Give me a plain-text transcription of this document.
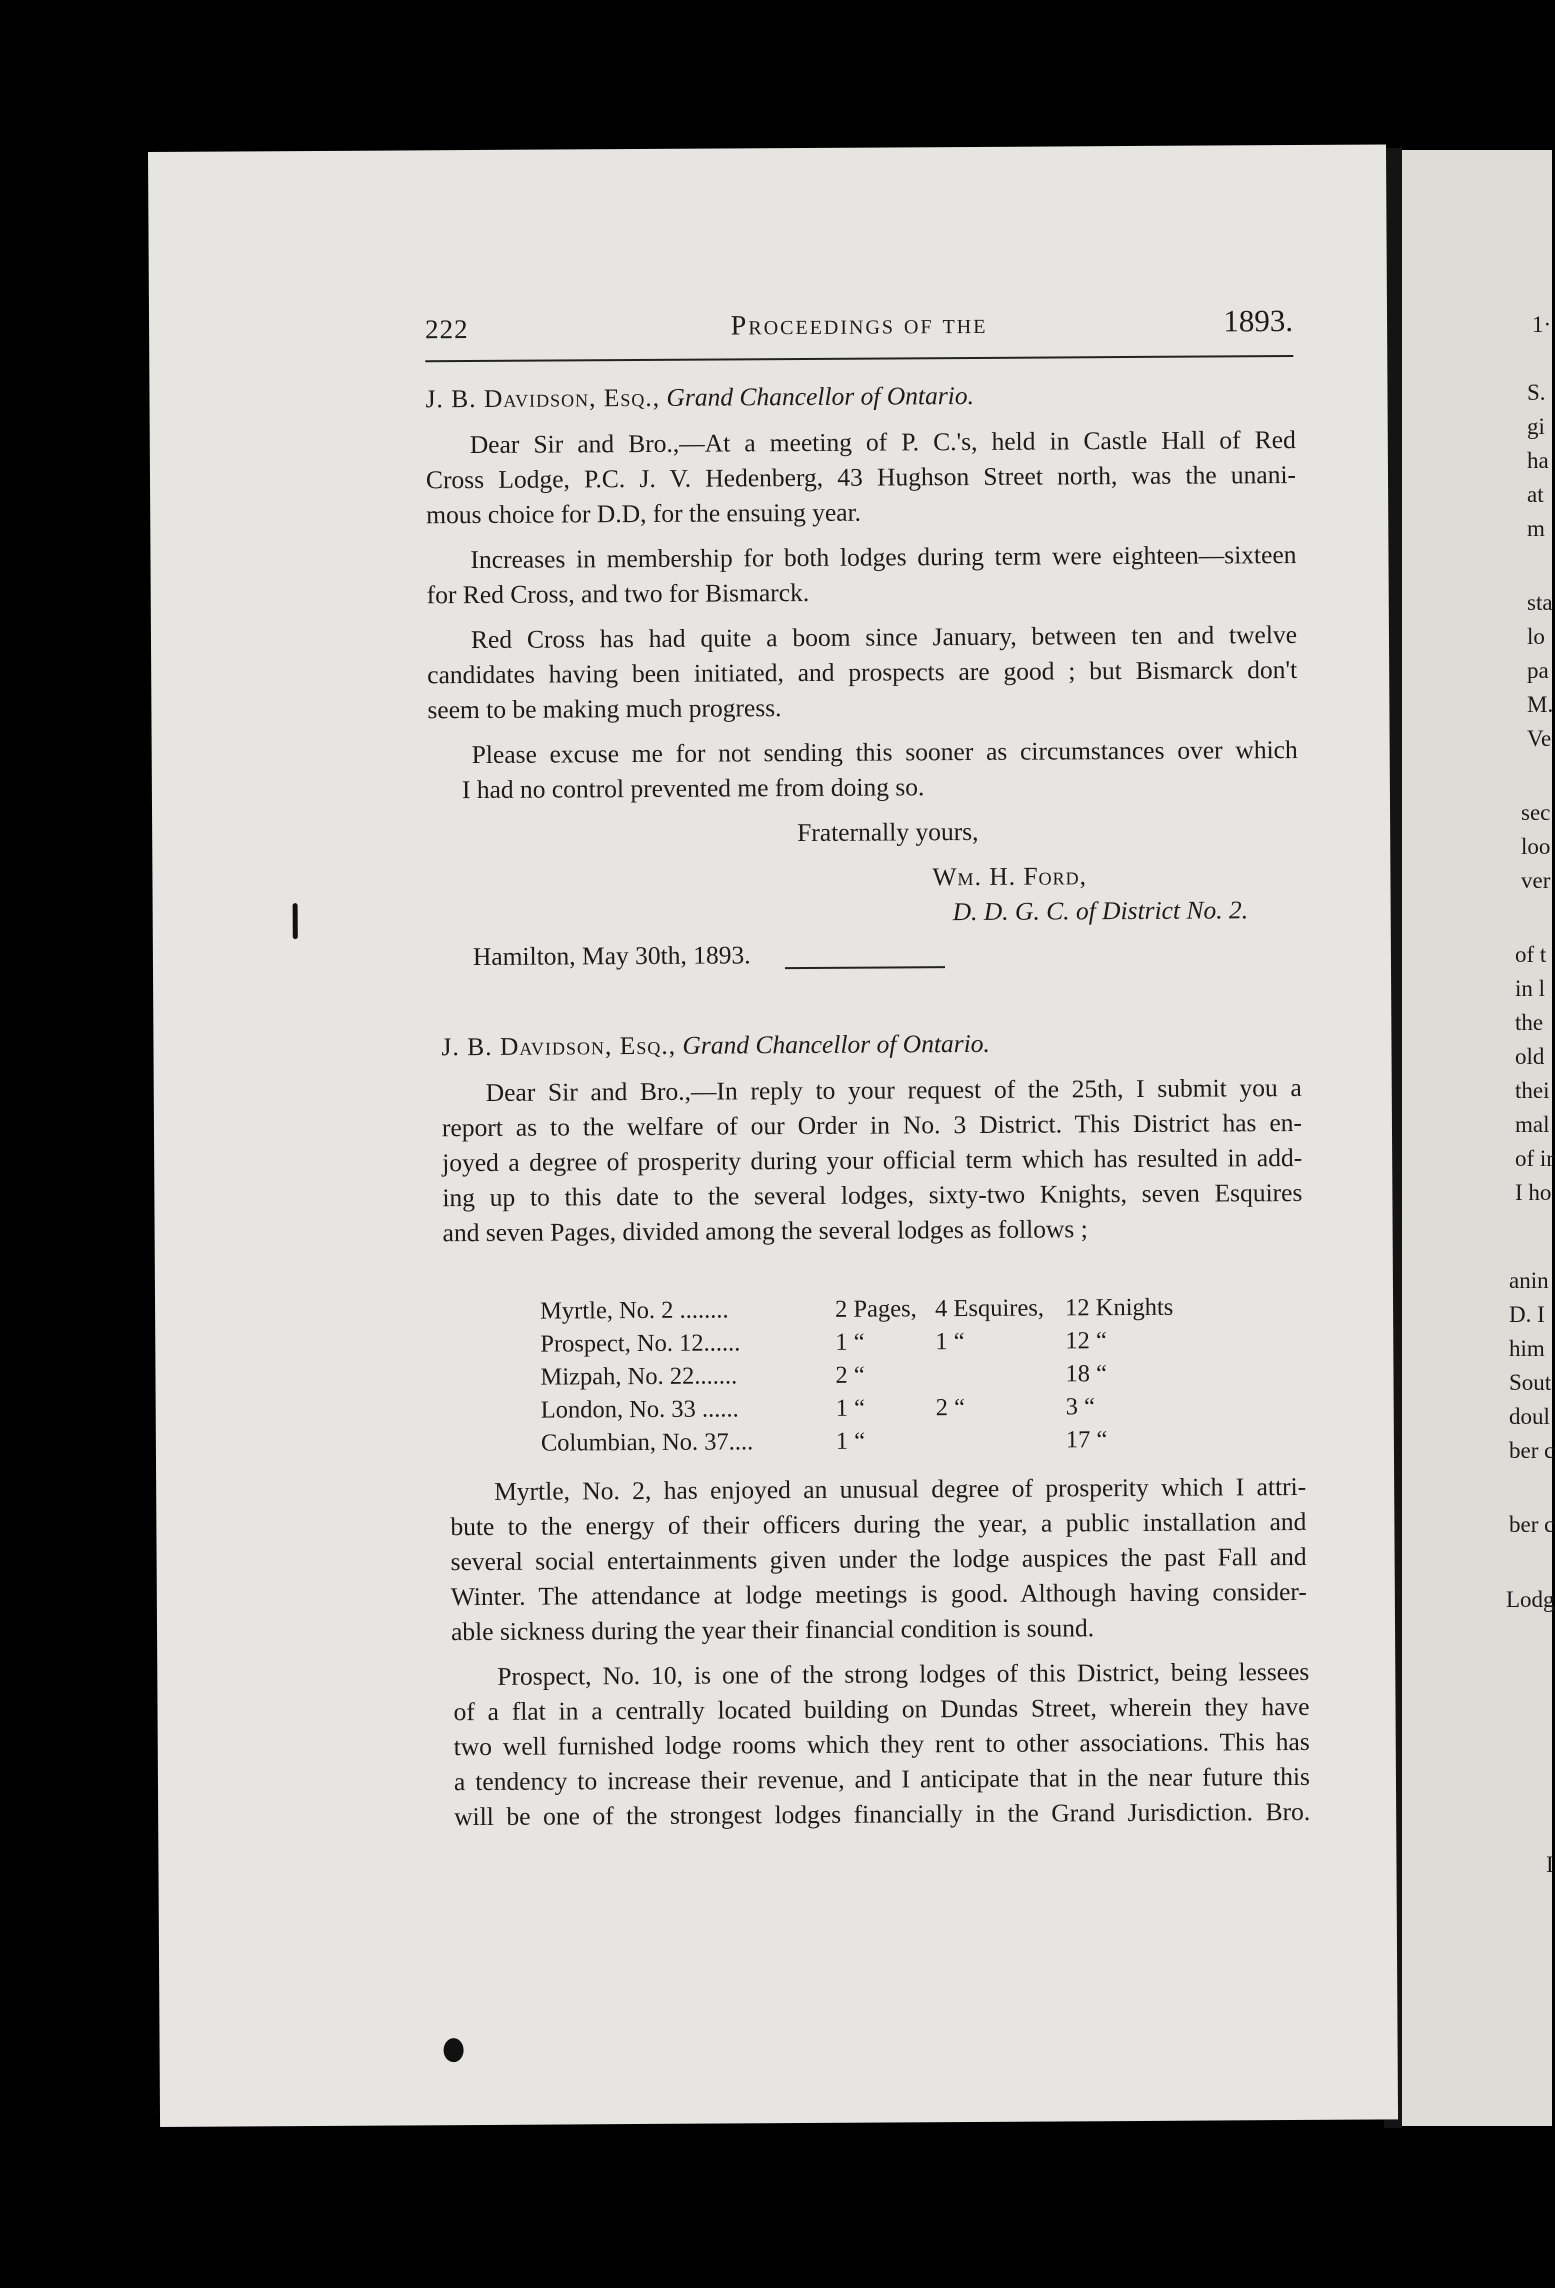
1·
S.
gi
ha
at
m
sta
lo
pa
M.
Ve
sec
loo
ver
of t
in l
the
old
thei
mal
of ir
I ho
anin
D. I
him
Sout
doul
ber c
ber c
Lodg
I
222	Proceedings of the	1893.
J. B. Davidson, Esq., Grand Chancellor of Ontario.
Dear Sir and Bro.,—At a meeting of P. C.'s, held in Castle Hall of Red
Cross Lodge, P.C. J. V. Hedenberg, 43 Hughson Street north, was the unani-
mous choice for D.D, for the ensuing year.
Increases in membership for both lodges during term were eighteen—sixteen
for Red Cross, and two for Bismarck.
Red Cross has had quite a boom since January, between ten and twelve
candidates having been initiated, and prospects are good ; but Bismarck don't
seem to be making much progress.
Please excuse me for not sending this sooner as circumstances over which
I had no control prevented me from doing so.
Fraternally yours,
Wm. H. Ford,
D. D. G. C. of District No. 2.
Hamilton, May 30th, 1893.
J. B. Davidson, Esq., Grand Chancellor of Ontario.
Dear Sir and Bro.,—In reply to your request of the 25th, I submit you a
report as to the welfare of our Order in No. 3 District. This District has en-
joyed a degree of prosperity during your official term which has resulted in add-
ing up to this date to the several lodges, sixty-two Knights, seven Esquires
and seven Pages, divided among the several lodges as follows ;
Myrtle, No. 2 ........	2 Pages,	4 Esquires,	12 Knights
Prospect, No. 12......	1 “	1 “	12 “
Mizpah, No. 22.......	2 “		18 “
London, No. 33 ......	1 “	2 “	3 “
Columbian, No. 37....	1 “		17 “
Myrtle, No. 2, has enjoyed an unusual degree of prosperity which I attri-
bute to the energy of their officers during the year, a public installation and
several social entertainments given under the lodge auspices the past Fall and
Winter. The attendance at lodge meetings is good. Although having consider-
able sickness during the year their financial condition is sound.
Prospect, No. 10, is one of the strong lodges of this District, being lessees
of a flat in a centrally located building on Dundas Street, wherein they have
two well furnished lodge rooms which they rent to other associations. This has
a tendency to increase their revenue, and I anticipate that in the near future this
will be one of the strongest lodges financially in the Grand Jurisdiction. Bro.
